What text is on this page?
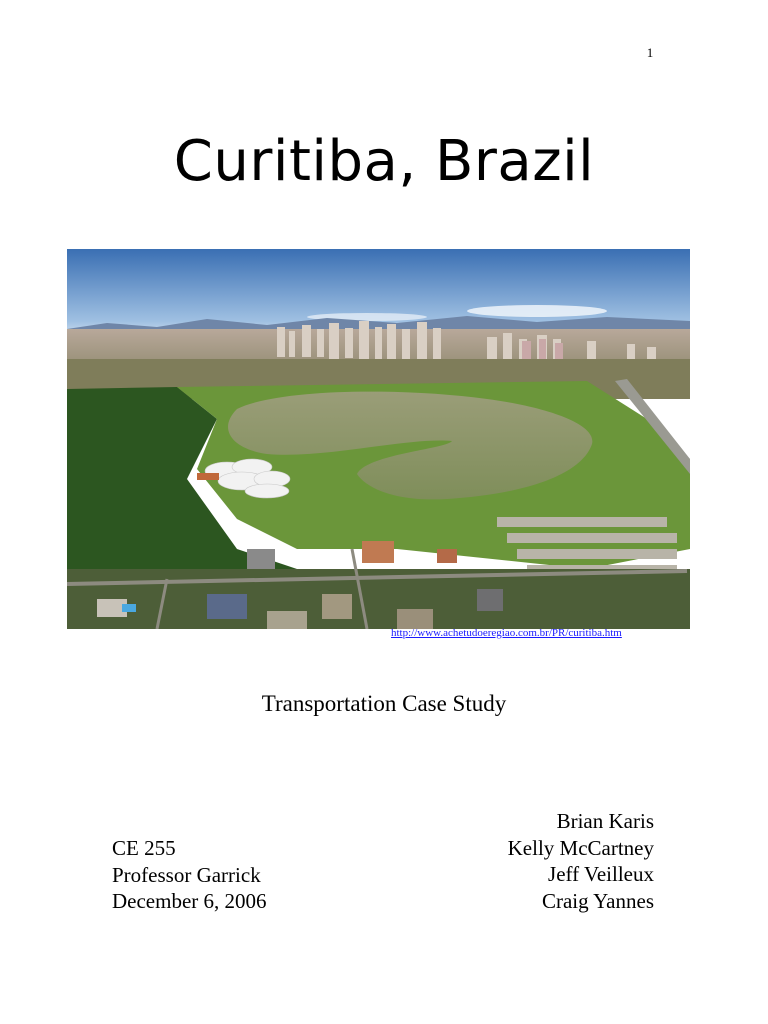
1
Curitiba, Brazil
http://www.achetudoeregiao.com.br/PR/curitiba.htm
Transportation Case Study
CE 255
Professor Garrick
December 6, 2006
Brian Karis
Kelly McCartney
Jeff Veilleux
Craig Yannes
